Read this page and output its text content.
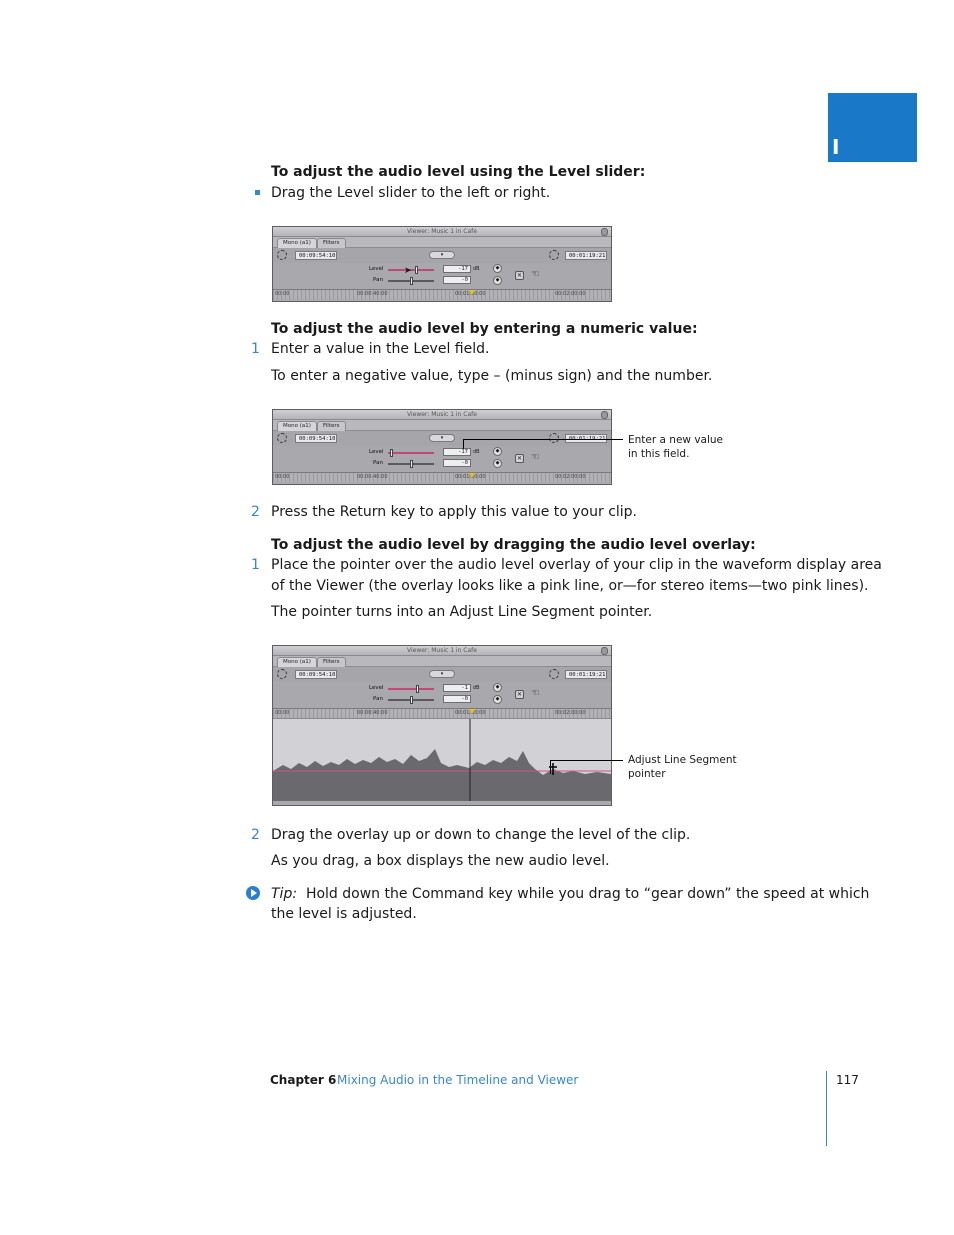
I
To adjust the audio level using the Level slider:
Drag the Level slider to the left or right.
Viewer: Music 1 in Cafe
Mono (a1)	Filters
00:09:54:10	▾	00:01:19:21
Level	-17	dB	◆
Pan	-0	◆
✕ ☜
➤
00:00	00:00:40:00	00:01:20:00	00:02:00:00
To adjust the audio level by entering a numeric value:
1 Enter a value in the Level field.
To enter a negative value, type – (minus sign) and the number.
Viewer: Music 1 in Cafe
Mono (a1)	Filters
00:09:54:10	▾
Level	-17	dB	◆
Pan	-0	◆
✕ ☜
00:00	00:00:40:00	00:01:20:00	00:02:00:00
Enter a new value
in this field.
2 Press the Return key to apply this value to your clip.
To adjust the audio level by dragging the audio level overlay:
1 Place the pointer over the audio level overlay of your clip in the waveform display area
of the Viewer (the overlay looks like a pink line, or—for stereo items—two pink lines).
The pointer turns into an Adjust Line Segment pointer.
Viewer: Music 1 in Cafe
Mono (a1)	Filters
00:09:54:10	▾	00:01:19:21
Level	-1	dB	◆
Pan	-0	◆
✕ ☜
00:00	00:00:40:00	00:01:20:00	00:02:00:00
Adjust Line Segment
pointer
2 Drag the overlay up or down to change the level of the clip.
As you drag, a box displays the new audio level.
Tip: Hold down the Command key while you drag to “gear down” the speed at which
the level is adjusted.
Chapter 6 Mixing Audio in the Timeline and Viewer	117
